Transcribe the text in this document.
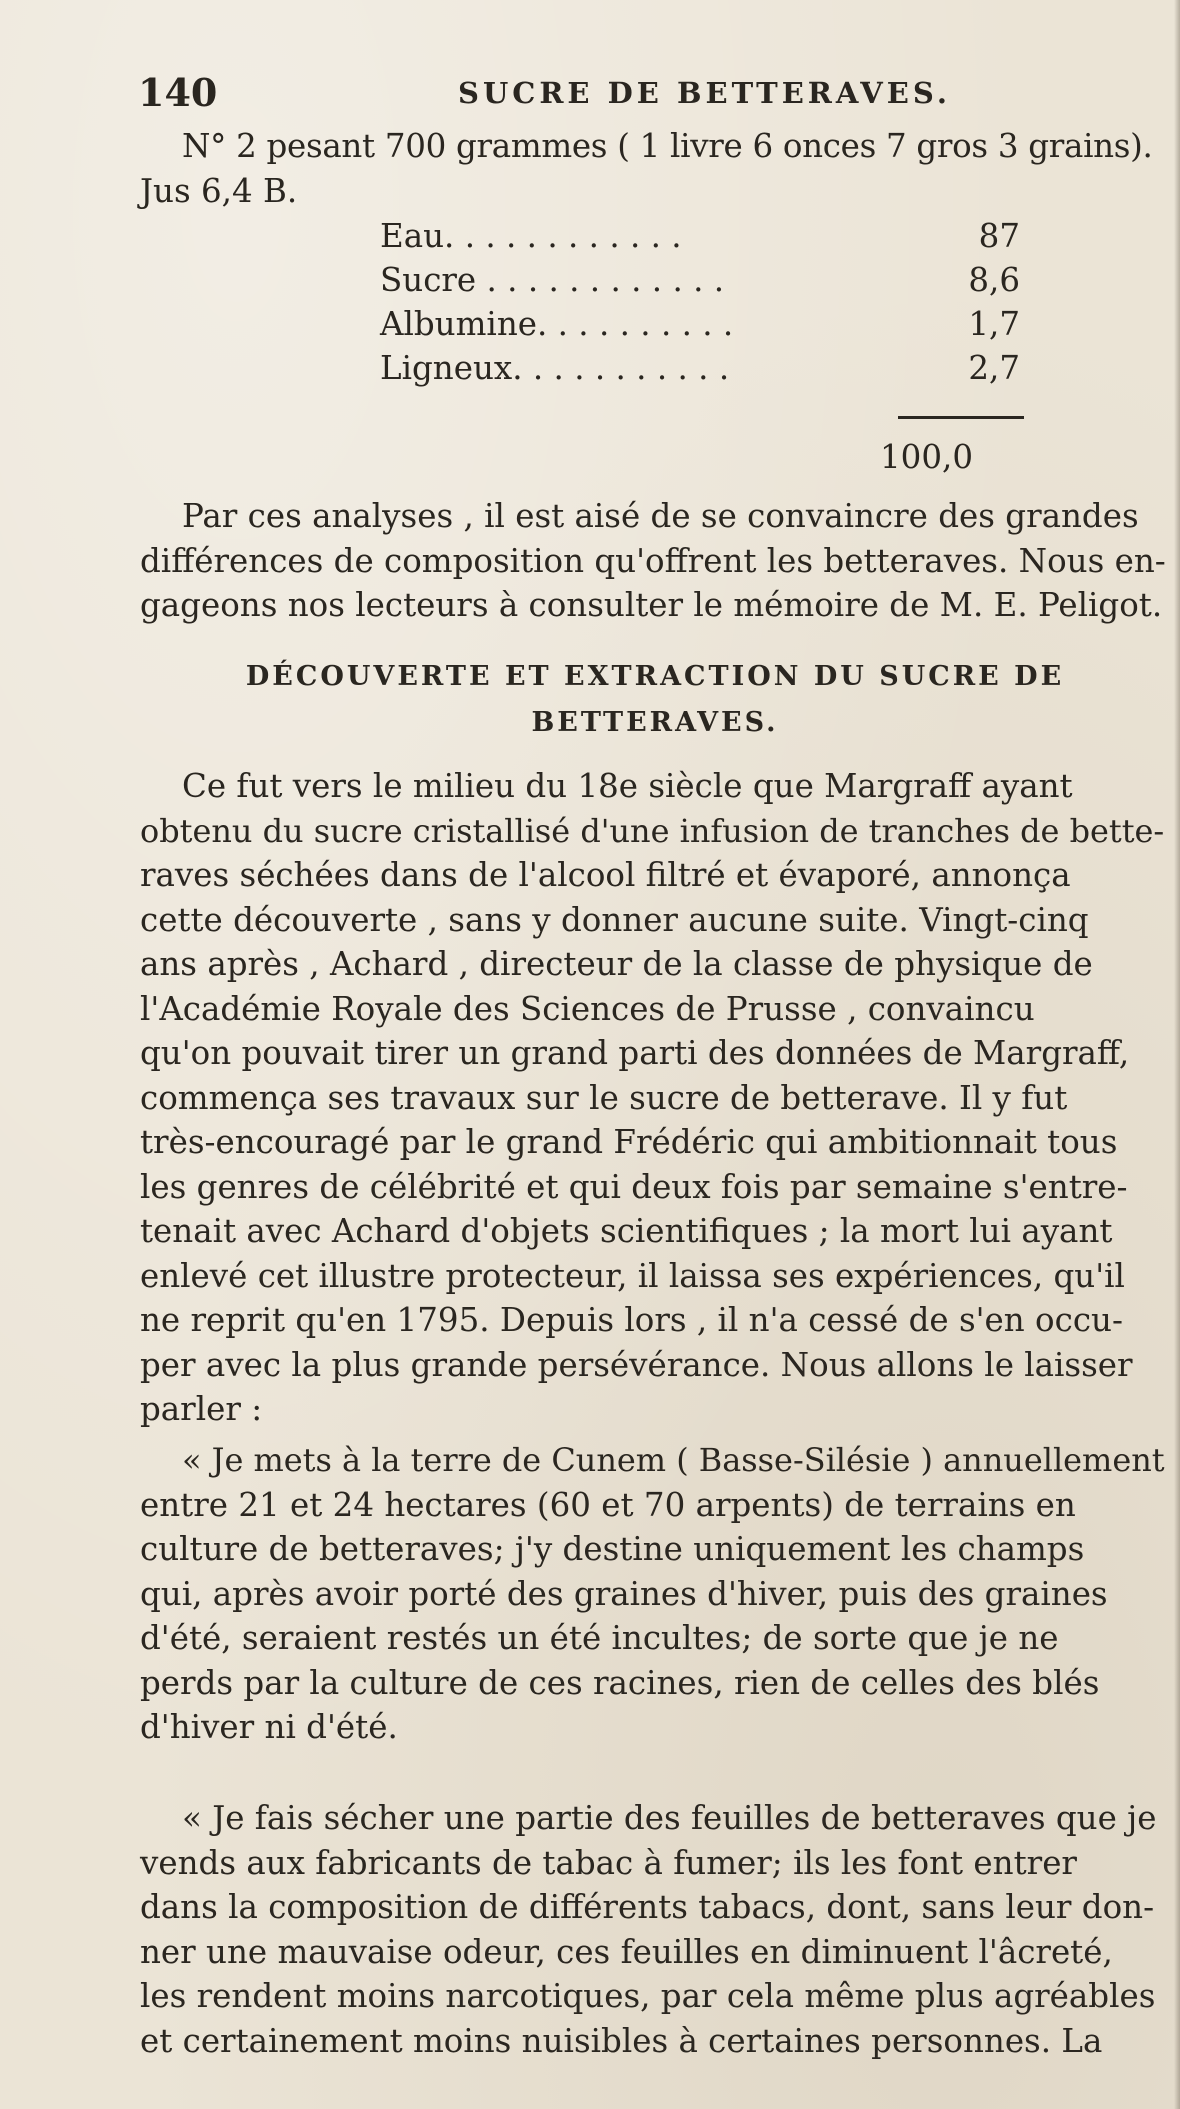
140	SUCRE DE BETTERAVES.
N° 2 pesant 700 grammes ( 1 livre 6 onces 7 gros 3 grains).
Jus 6,4 B.
Eau. . . . . . . . . . . .	87
Sucre . . . . . . . . . . . .	8,6
Albumine. . . . . . . . . .	1,7
Ligneux. . . . . . . . . . .	2,7
100,0
Par ces analyses , il est aisé de se convaincre des grandes
différences de composition qu'offrent les betteraves. Nous en-
gageons nos lecteurs à consulter le mémoire de M. E. Peligot.
DÉCOUVERTE ET EXTRACTION DU SUCRE DE
BETTERAVES.
Ce fut vers le milieu du 18e siècle que Margraff ayant
obtenu du sucre cristallisé d'une infusion de tranches de bette-
raves séchées dans de l'alcool filtré et évaporé, annonça
cette découverte , sans y donner aucune suite. Vingt-cinq
ans après , Achard , directeur de la classe de physique de
l'Académie Royale des Sciences de Prusse , convaincu
qu'on pouvait tirer un grand parti des données de Margraff,
commença ses travaux sur le sucre de betterave. Il y fut
très-encouragé par le grand Frédéric qui ambitionnait tous
les genres de célébrité et qui deux fois par semaine s'entre-
tenait avec Achard d'objets scientifiques ; la mort lui ayant
enlevé cet illustre protecteur, il laissa ses expériences, qu'il
ne reprit qu'en 1795. Depuis lors , il n'a cessé de s'en occu-
per avec la plus grande persévérance. Nous allons le laisser
parler :
« Je mets à la terre de Cunem ( Basse-Silésie ) annuellement
entre 21 et 24 hectares (60 et 70 arpents) de terrains en
culture de betteraves; j'y destine uniquement les champs
qui, après avoir porté des graines d'hiver, puis des graines
d'été, seraient restés un été incultes; de sorte que je ne
perds par la culture de ces racines, rien de celles des blés
d'hiver ni d'été.
« Je fais sécher une partie des feuilles de betteraves que je
vends aux fabricants de tabac à fumer; ils les font entrer
dans la composition de différents tabacs, dont, sans leur don-
ner une mauvaise odeur, ces feuilles en diminuent l'âcreté,
les rendent moins narcotiques, par cela même plus agréables
et certainement moins nuisibles à certaines personnes. La
